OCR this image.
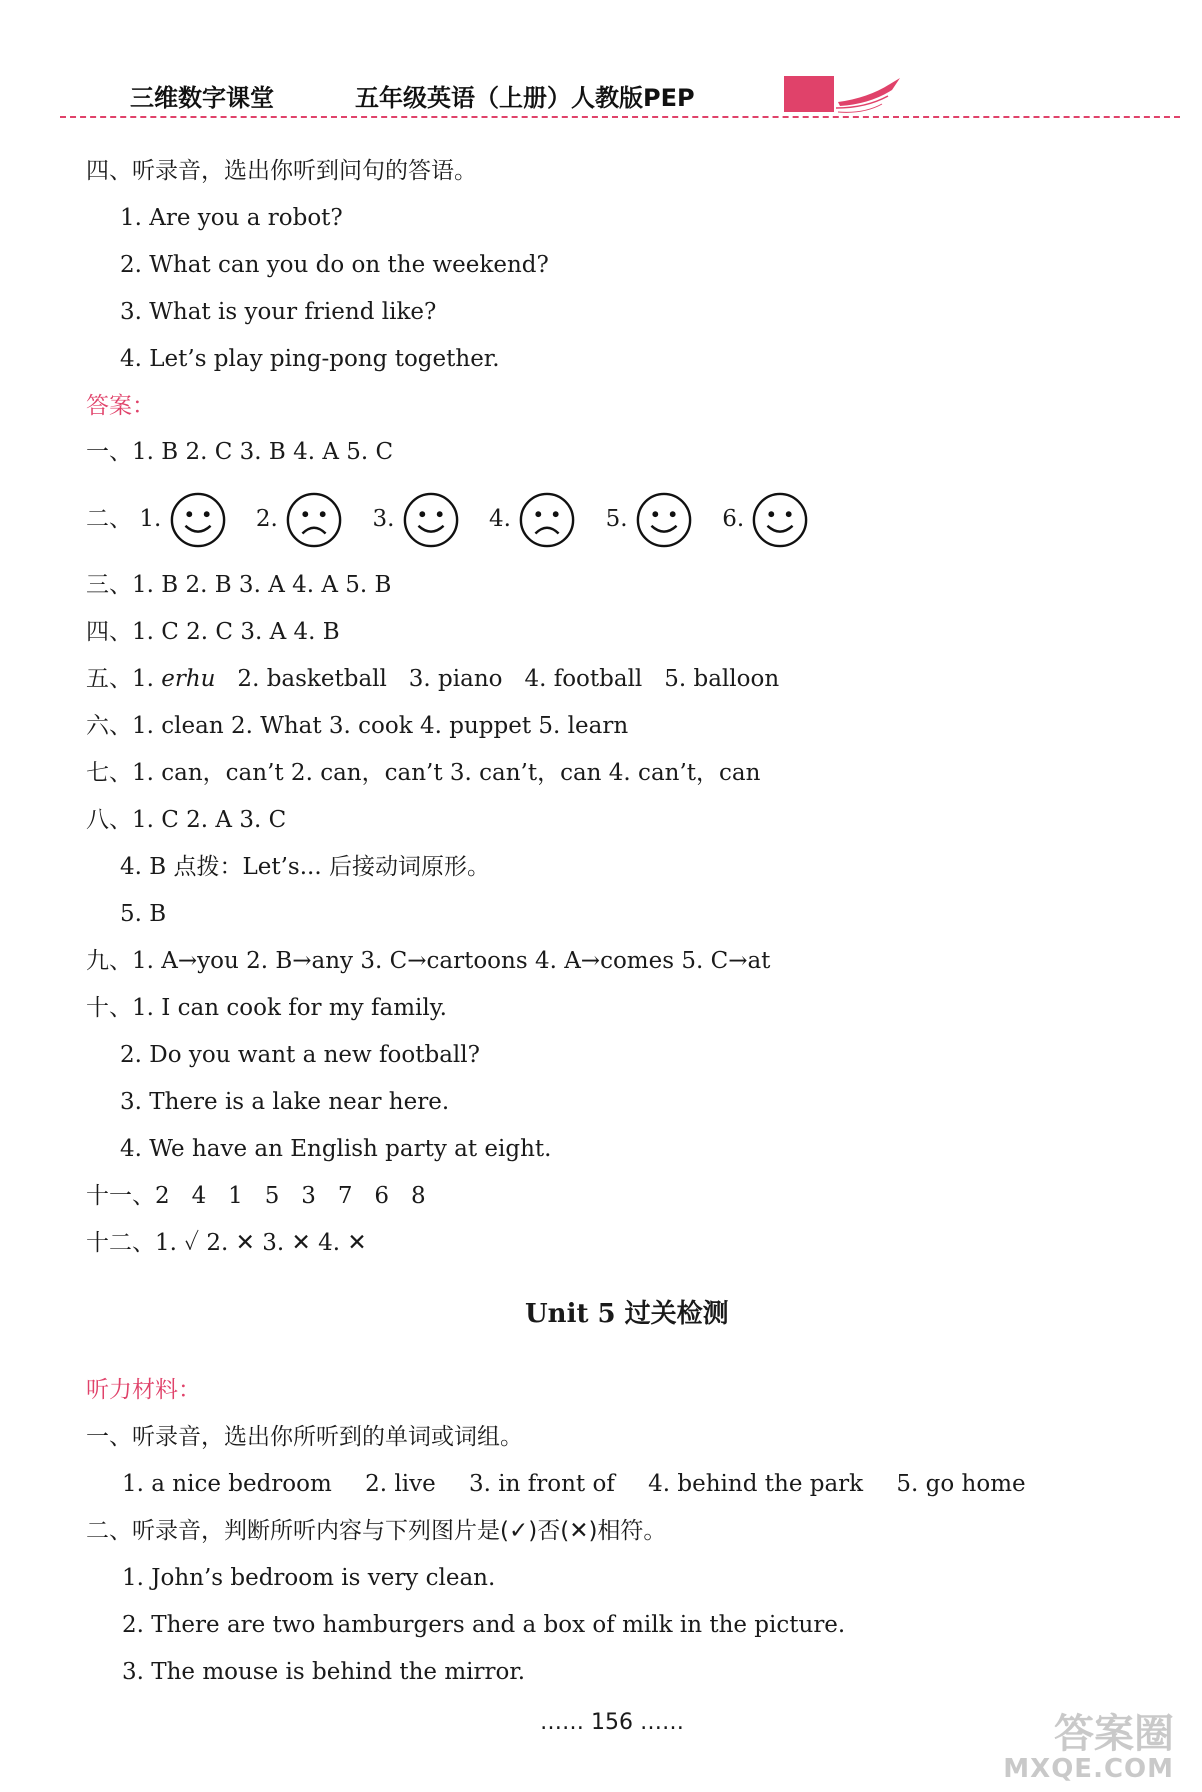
三维数字课堂	五年级英语（上册）人教版PEP
四、听录音，选出你听到问句的答语。
1. Are you a robot?
2. What can you do on the weekend?
3. What is your friend like?
4. Let’s play ping-pong together.
答案：
一、1. B 2. C 3. B 4. A 5. C
二、 1.	2.	3.	4.	5.	6.
三、1. B 2. B 3. A 4. A 5. B
四、1. C 2. C 3. A 4. B
五、1. erhu   2. basketball   3. piano   4. football   5. balloon
六、1. clean 2. What 3. cook 4. puppet 5. learn
七、1. can，can’t 2. can，can’t 3. can’t，can 4. can’t，can
八、1. C 2. A 3. C
4. B 点拨：Let’s... 后接动词原形。
5. B
九、1. A→you 2. B→any 3. C→cartoons 4. A→comes 5. C→at
十、1. I can cook for my family.
2. Do you want a new football?
3. There is a lake near here.
4. We have an English party at eight.
十一、2   4   1   5   3   7   6   8
十二、1. ✓ 2. ✕ 3. ✕ 4. ✕
Unit 5 过关检测
听力材料：
一、听录音，选出你所听到的单词或词组。
1. a nice bedroom 2. live 3. in front of 4. behind the park 5. go home
二、听录音，判断所听内容与下列图片是(✓)否(✕)相符。
1. John’s bedroom is very clean.
2. There are two hamburgers and a box of milk in the picture.
3. The mouse is behind the mirror.
…… 156 ……	答案圈
MXQE.COM
